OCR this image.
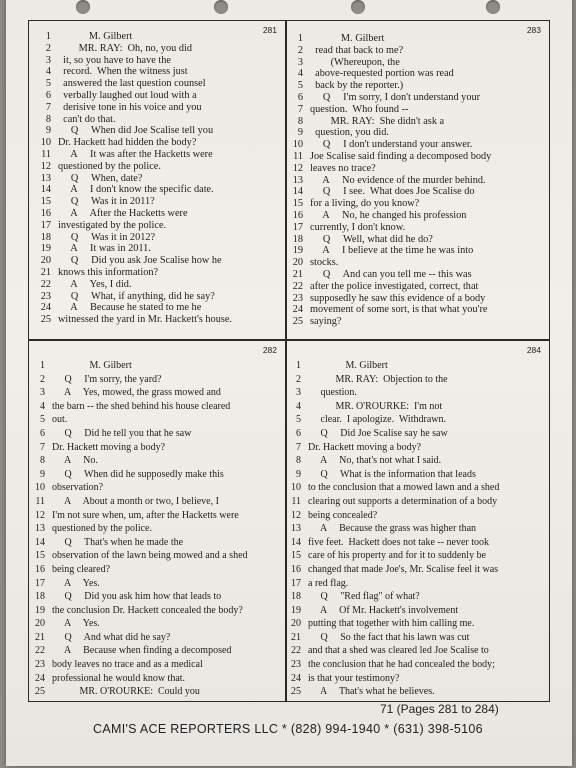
281
1 M. Gilbert
2 MR. RAY:  Oh, no, you did
3 it, so you have to have the
4 record.  When the witness just
5 answered the last question counsel
6 verbally laughed out loud with a
7 derisive tone in his voice and you
8 can't do that.
9 Q     When did Joe Scalise tell you
10 Dr. Hackett had hidden the body?
11 A     It was after the Hacketts were
12 questioned by the police.
13 Q     When, date?
14 A     I don't know the specific date.
15 Q     Was it in 2011?
16 A     After the Hacketts were
17 investigated by the police.
18 Q     Was it in 2012?
19 A     It was in 2011.
20 Q     Did you ask Joe Scalise how he
21 knows this information?
22 A     Yes, I did.
23 Q     What, if anything, did he say?
24 A     Because he stated to me he
25 witnessed the yard in Mr. Hackett's house.
283
1 M. Gilbert
2 read that back to me?
3 (Whereupon, the
4 above-requested portion was read
5 back by the reporter.)
6 Q     I'm sorry, I don't understand your
7 question.  Who found --
8 MR. RAY:  She didn't ask a
9 question, you did.
10 Q     I don't understand your answer.
11 Joe Scalise said finding a decomposed body
12 leaves no trace?
13 A     No evidence of the murder behind.
14 Q     I see.  What does Joe Scalise do
15 for a living, do you know?
16 A     No, he changed his profession
17 currently, I don't know.
18 Q     Well, what did he do?
19 A     I believe at the time he was into
20 stocks.
21 Q     And can you tell me -- this was
22 after the police investigated, correct, that
23 supposedly he saw this evidence of a body
24 movement of some sort, is that what you're
25 saying?
282
1 M. Gilbert
2 Q     I'm sorry, the yard?
3 A     Yes, mowed, the grass mowed and
4 the barn -- the shed behind his house cleared
5 out.
6 Q     Did he tell you that he saw
7 Dr. Hackett moving a body?
8 A     No.
9 Q     When did he supposedly make this
10 observation?
11 A     About a month or two, I believe, I
12 I'm not sure when, um, after the Hacketts were
13 questioned by the police.
14 Q     That's when he made the
15 observation of the lawn being mowed and a shed
16 being cleared?
17 A     Yes.
18 Q     Did you ask him how that leads to
19 the conclusion Dr. Hackett concealed the body?
20 A     Yes.
21 Q     And what did he say?
22 A     Because when finding a decomposed
23 body leaves no trace and as a medical
24 professional he would know that.
25 MR. O'ROURKE:  Could you
284
1 M. Gilbert
2 MR. RAY:  Objection to the
3 question.
4 MR. O'ROURKE:  I'm not
5 clear.  I apologize.  Withdrawn.
6 Q     Did Joe Scalise say he saw
7 Dr. Hackett moving a body?
8 A     No, that's not what I said.
9 Q     What is the information that leads
10 to the conclusion that a mowed lawn and a shed
11 clearing out supports a determination of a body
12 being concealed?
13 A     Because the grass was higher than
14 five feet.  Hackett does not take -- never took
15 care of his property and for it to suddenly be
16 changed that made Joe's, Mr. Scalise feel it was
17 a red flag.
18 Q     "Red flag" of what?
19 A     Of Mr. Hackett's involvement
20 putting that together with him calling me.
21 Q     So the fact that his lawn was cut
22 and that a shed was cleared led Joe Scalise to
23 the conclusion that he had concealed the body;
24 is that your testimony?
25 A     That's what he believes.
71 (Pages 281 to 284)
CAMI'S ACE REPORTERS LLC * (828) 994-1940 * (631) 398-5106
